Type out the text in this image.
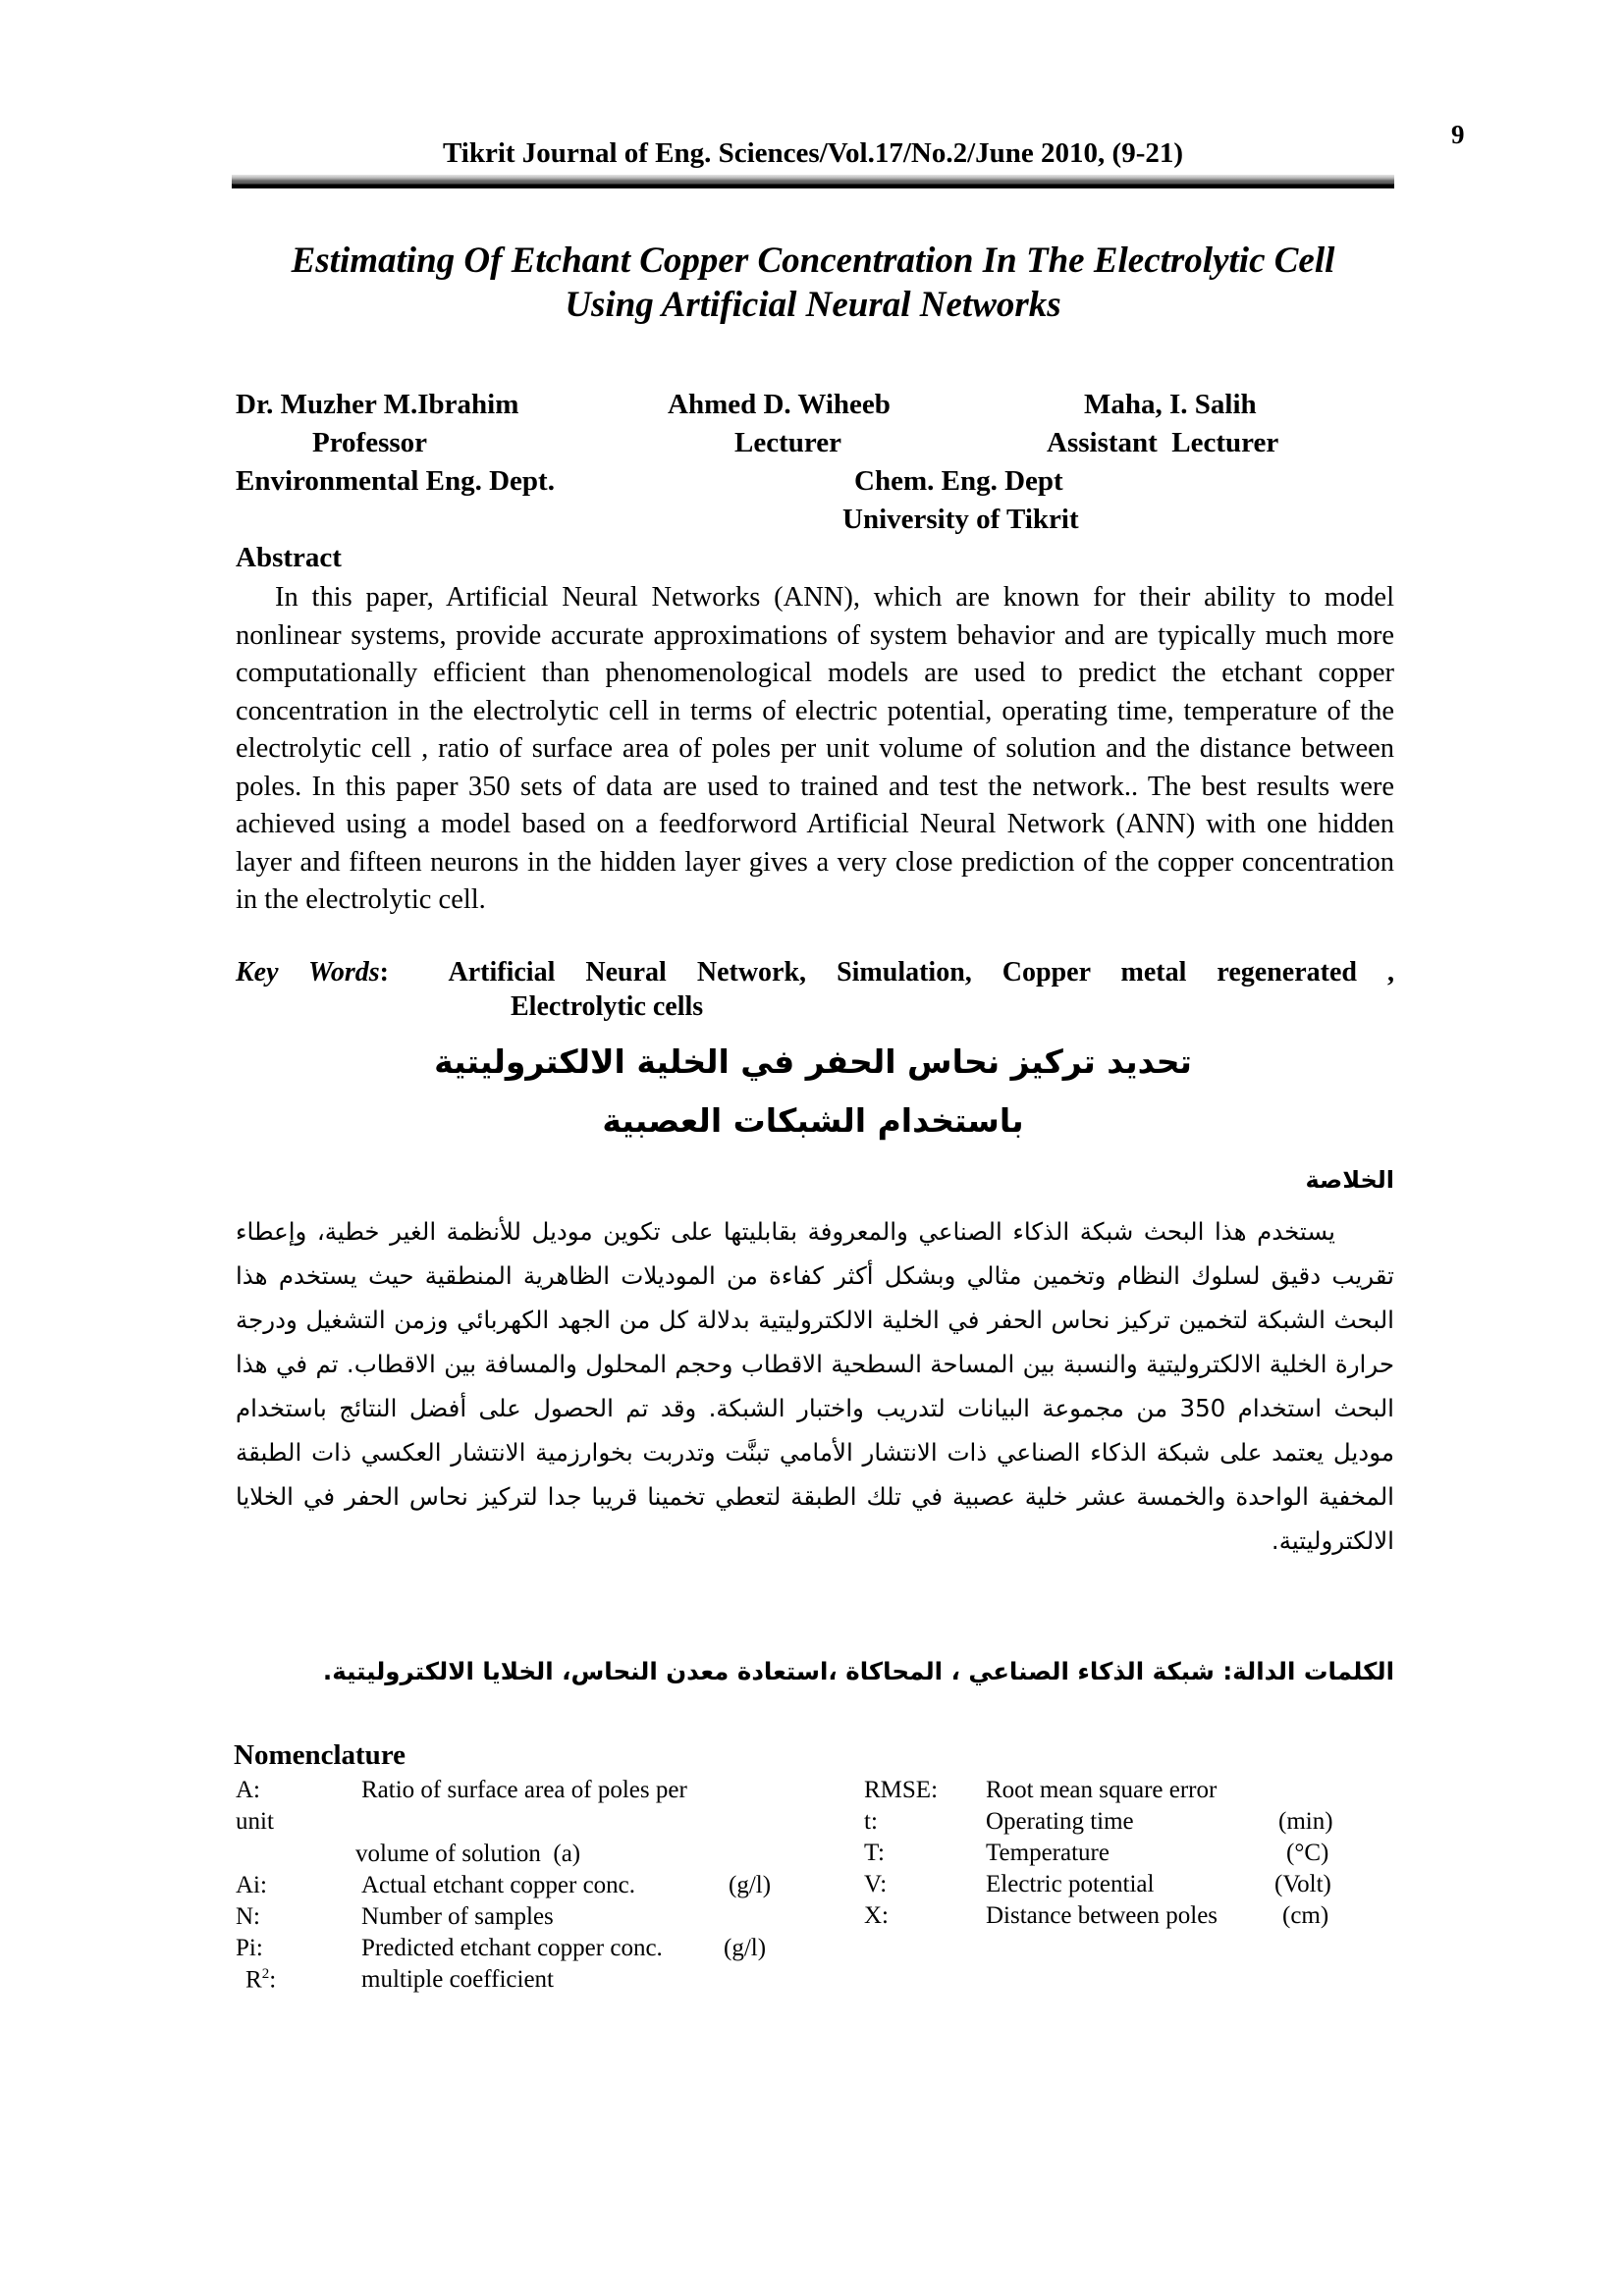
9
Tikrit Journal of Eng. Sciences/Vol.17/No.2/June 2010, (9-21)
Estimating Of Etchant Copper Concentration In The Electrolytic Cell
Using Artificial Neural Networks
Dr. Muzher M.Ibrahim
Professor
Environmental Eng. Dept.
Ahmed D. Wiheeb
Lecturer
Maha, I. Salih
Assistant  Lecturer
Chem. Eng. Dept
University of Tikrit
Abstract
In this paper, Artificial Neural Networks (ANN), which are known for their ability to model nonlinear systems, provide accurate approximations of system behavior and are typically much more computationally efficient than phenomenological models are used to predict the etchant copper concentration in the electrolytic cell in terms of electric potential, operating time, temperature of the electrolytic cell , ratio of surface area of poles per unit volume of solution and the distance between poles. In this paper 350 sets of data are used to trained and test the network.. The best results were achieved using a model based on a feedforword Artificial Neural Network (ANN) with one hidden layer and fifteen neurons in the hidden layer gives a very close prediction of the copper concentration in the electrolytic cell.
Key Words: Artificial Neural Network, Simulation, Copper metal regenerated ,
Electrolytic cells
تحديد تركيز نحاس الحفر في الخلية الالكتروليتية
باستخدام الشبكات العصبية
الخلاصة
يستخدم هذا البحث شبكة الذكاء الصناعي والمعروفة بقابليتها على تكوين موديل للأنظمة الغير خطية، وإعطاء تقريب دقيق لسلوك النظام وتخمين مثالي وبشكل أكثر كفاءة من الموديلات الظاهرية المنطقية حيث يستخدم هذا البحث الشبكة لتخمين تركيز نحاس الحفر في الخلية الالكتروليتية بدلالة كل من الجهد الكهربائي وزمن التشغيل ودرجة حرارة الخلية الالكتروليتية والنسبة بين المساحة السطحية الاقطاب وحجم المحلول والمسافة بين الاقطاب. تم في هذا البحث استخدام 350 من مجموعة البيانات لتدريب واختبار الشبكة. وقد تم الحصول على أفضل النتائج باستخدام موديل يعتمد على شبكة الذكاء الصناعي ذات الانتشار الأمامي تبنَّت وتدربت بخوارزمية الانتشار العكسي ذات الطبقة المخفية الواحدة والخمسة عشر خلية عصبية في تلك الطبقة لتعطي تخمينا قريبا جدا لتركيز نحاس الحفر في الخلايا الالكتروليتية.
الكلمات الدالة: شبكة الذكاء الصناعي ، المحاكاة ،استعادة معدن النحاس، الخلايا الالكتروليتية.
Nomenclature
A:	Ratio of surface area of poles per
unit
volume of solution  (a)
Ai:	Actual etchant copper conc.	(g/l)
N:	Number of samples
Pi:	Predicted etchant copper conc. (g/l)
$R^2$:	multiple coefficient
RMSE: Root mean square error
t:	Operating time	(min)
T:	Temperature	(°C)
V:	Electric potential	(Volt)
X:	Distance between poles	(cm)
